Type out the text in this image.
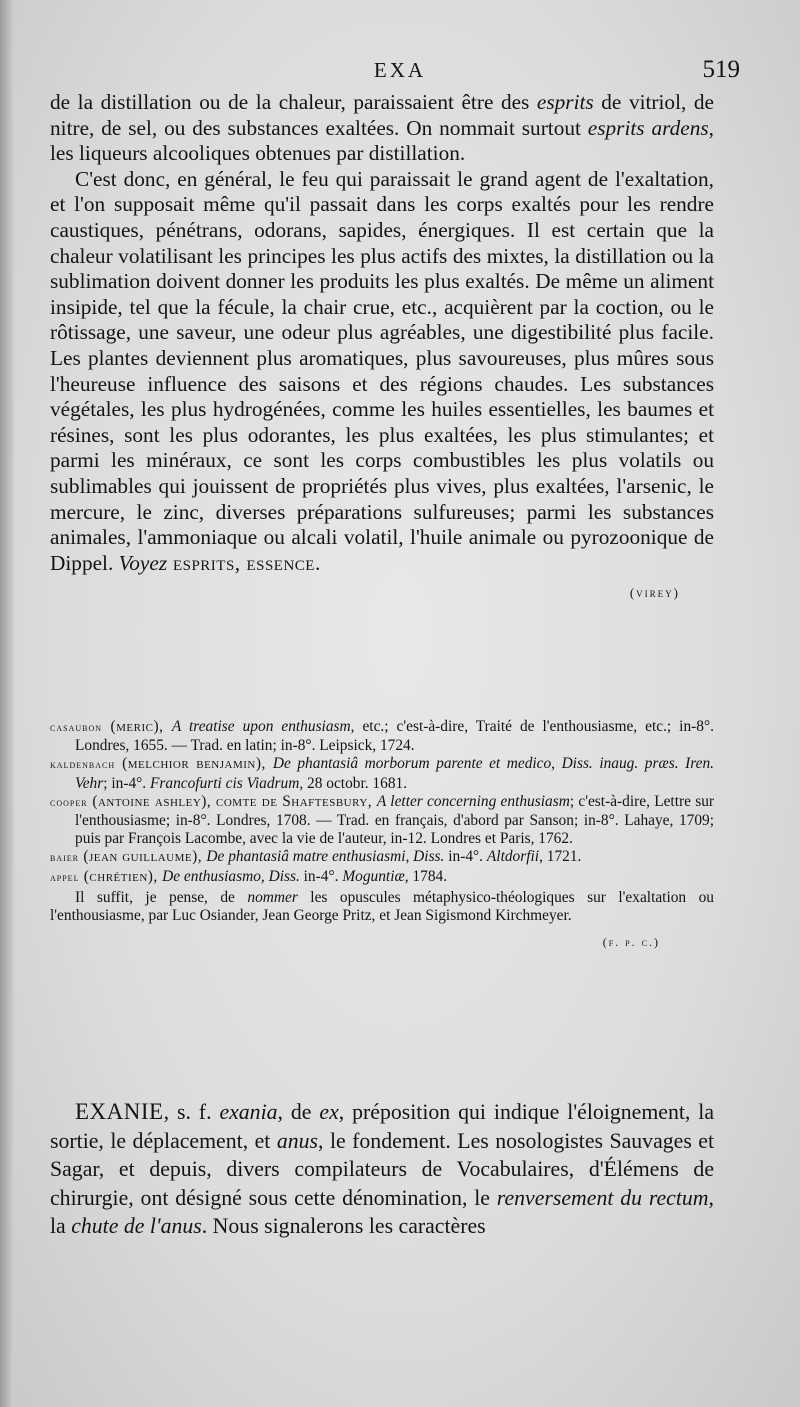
EXA	519

de la distillation ou de la chaleur, paraissaient être des esprits de vitriol, de nitre, de sel, ou des substances exaltées. On nommait surtout esprits ardens, les liqueurs alcooliques obtenues par distillation.

C'est donc, en général, le feu qui paraissait le grand agent de l'exaltation, et l'on supposait même qu'il passait dans les corps exaltés pour les rendre caustiques, pénétrans, odorans, sapides, énergiques. Il est certain que la chaleur volatilisant les principes les plus actifs des mixtes, la distillation ou la sublimation doivent donner les produits les plus exaltés. De même un aliment insipide, tel que la fécule, la chair crue, etc., acquièrent par la coction, ou le rôtissage, une saveur, une odeur plus agréables, une digestibilité plus facile. Les plantes deviennent plus aromatiques, plus savoureuses, plus mûres sous l'heureuse influence des saisons et des régions chaudes. Les substances végétales, les plus hydrogénées, comme les huiles essentielles, les baumes et résines, sont les plus odorantes, les plus exaltées, les plus stimulantes; et parmi les minéraux, ce sont les corps combustibles les plus volatils ou sublimables qui jouissent de propriétés plus vives, plus exaltées, l'arsenic, le mercure, le zinc, diverses préparations sulfureuses; parmi les substances animales, l'ammoniaque ou alcali volatil, l'huile animale ou pyrozoonique de Dippel. Voyez esprits, essence.

(virey)

casaubon (meric), A treatise upon enthusiasm, etc.; c'est-à-dire, Traité de l'enthousiasme, etc.; in-8°. Londres, 1655. — Trad. en latin; in-8°. Leipsick, 1724.

kaldenbach (melchior benjamin), De phantasiâ morborum parente et medico, Diss. inaug. præs. Iren. Vehr; in-4°. Francofurti cis Viadrum, 28 octobr. 1681.

cooper (antoine ashley), comte de Shaftesbury, A letter concerning enthusiasm; c'est-à-dire, Lettre sur l'enthousiasme; in-8°. Londres, 1708. — Trad. en français, d'abord par Sanson; in-8°. Lahaye, 1709; puis par François Lacombe, avec la vie de l'auteur, in-12. Londres et Paris, 1762.

baier (jean guillaume), De phantasiâ matre enthusiasmi, Diss. in-4°. Altdorfii, 1721.

appel (chrétien), De enthusiasmo, Diss. in-4°. Moguntiæ, 1784.

Il suffit, je pense, de nommer les opuscules métaphysico-théologiques sur l'exaltation ou l'enthousiasme, par Luc Osiander, Jean George Pritz, et Jean Sigismond Kirchmeyer.

(f. p. c.)

EXANIE, s. f. exania, de ex, préposition qui indique l'éloignement, la sortie, le déplacement, et anus, le fondement. Les nosologistes Sauvages et Sagar, et depuis, divers compilateurs de Vocabulaires, d'Élémens de chirurgie, ont désigné sous cette dénomination, le renversement du rectum, la chute de l'anus. Nous signalerons les caractères
